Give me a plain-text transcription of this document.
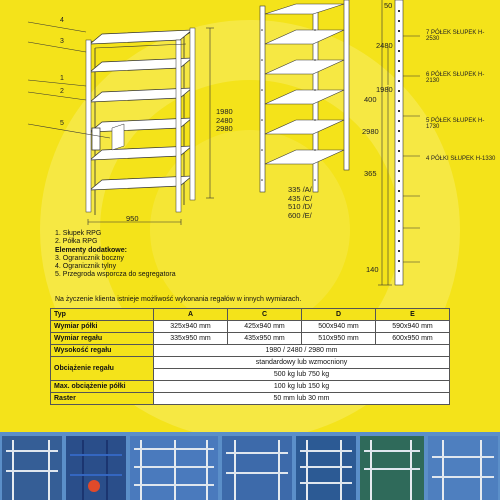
4
3
1
2
5
1980
2480
2980
950
335 /A/
435 /C/
510 /D/
600 /E/
50
2480
1980
400
2980
365
140
7 PÓŁEK SŁUPEK H-2530
6 PÓŁEK SŁUPEK H-2130
5 PÓŁEK SŁUPEK H-1730
4 PÓŁKI SŁUPEK H-1330
1. Słupek RPG
2. Półka RPG
Elementy dodatkowe:
3. Ogranicznik boczny
4. Ogranicznik tylny
5. Przegroda wsporcza do segregatora
Na życzenie klienta istnieje możliwość wykonania regałów w innych wymiarach.
Typ	A	C	D	E
Wymiar półki	325x940 mm	425x940 mm	500x940 mm	590x940 mm
Wymiar regału	335x950 mm	435x950 mm	510x950 mm	600x950 mm
Wysokość regału	1980 / 2480 / 2980 mm			
Obciążenie regału	standardowy lub wzmocniony			
	500 kg lub 750 kg			
Max. obciążenie półki	100 kg lub 150 kg			
Raster	50 mm lub 30 mm			
